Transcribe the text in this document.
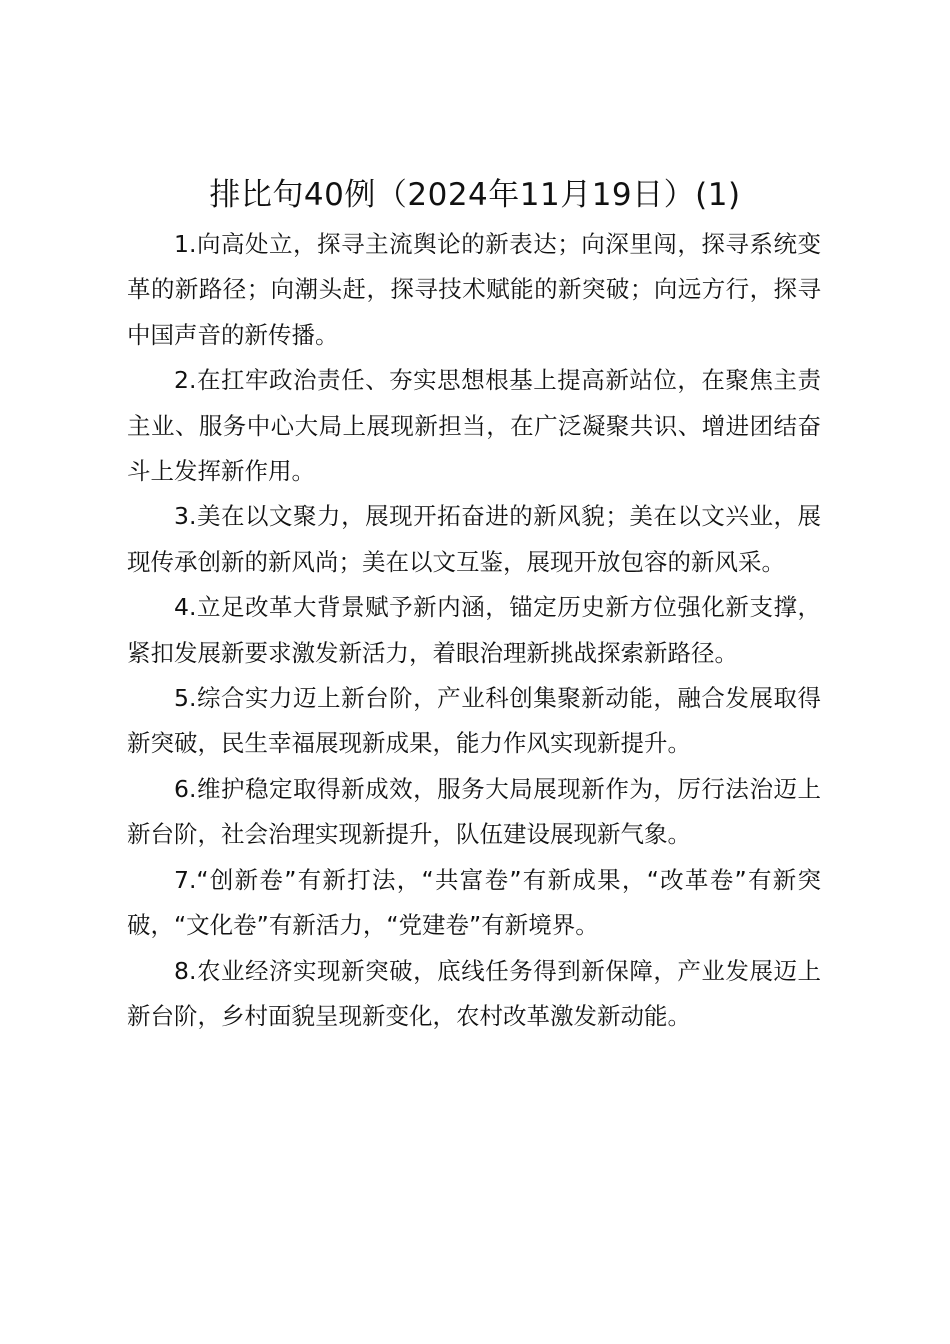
排比句40例（2024年11月19日）(1)

1.向高处立，探寻主流舆论的新表达；向深里闯，探寻系统变革的新路径；向潮头赶，探寻技术赋能的新突破；向远方行，探寻中国声音的新传播。

2.在扛牢政治责任、夯实思想根基上提高新站位，在聚焦主责主业、服务中心大局上展现新担当，在广泛凝聚共识、增进团结奋斗上发挥新作用。

3.美在以文聚力，展现开拓奋进的新风貌；美在以文兴业，展现传承创新的新风尚；美在以文互鉴，展现开放包容的新风采。

4.立足改革大背景赋予新内涵，锚定历史新方位强化新支撑，紧扣发展新要求激发新活力，着眼治理新挑战探索新路径。

5.综合实力迈上新台阶，产业科创集聚新动能，融合发展取得新突破，民生幸福展现新成果，能力作风实现新提升。

6.维护稳定取得新成效，服务大局展现新作为，厉行法治迈上新台阶，社会治理实现新提升，队伍建设展现新气象。

7.“创新卷”有新打法，“共富卷”有新成果，“改革卷”有新突破，“文化卷”有新活力，“党建卷”有新境界。

8.农业经济实现新突破，底线任务得到新保障，产业发展迈上新台阶，乡村面貌呈现新变化，农村改革激发新动能。
